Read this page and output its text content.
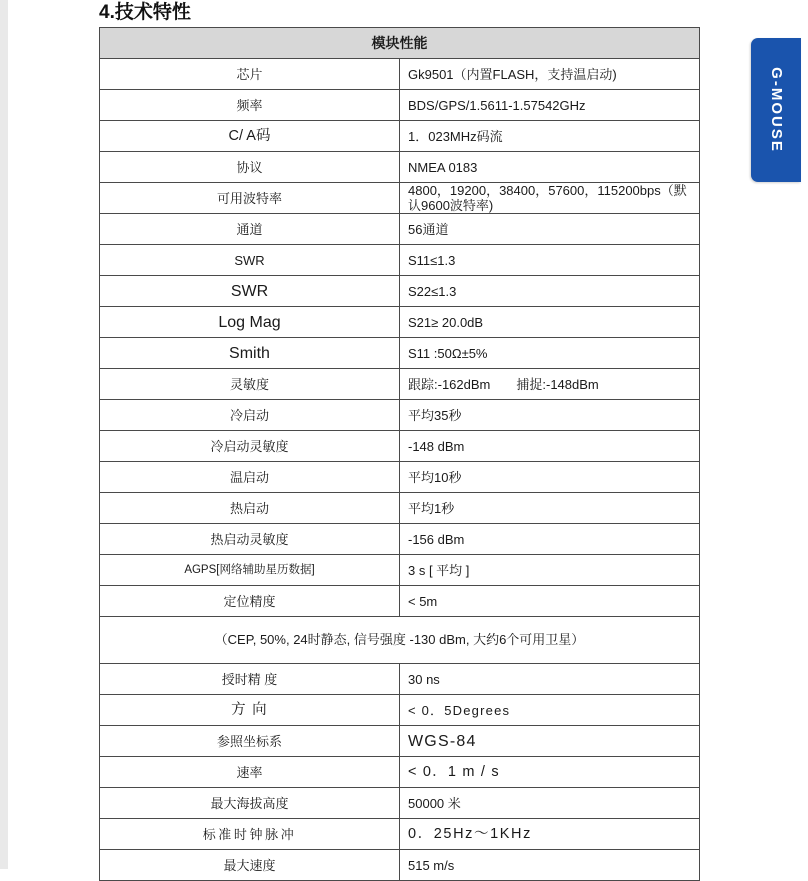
4.技术特性
模块性能	

芯片	Gk9501（内置FLASH，支持温启动)

频率	BDS/GPS/1.5611-1.57542GHz

C/ A码	1．023MHz码流

协议	NMEA 0183

可用波特率	4800，19200，38400，57600，115200bps（默认9600波特率)

通道	56通道

SWR	S11≤1.3

SWR	S22≤1.3

Log Mag	S21≥ 20.0dB

Smith	S11 :50Ω±5%

灵敏度	跟踪:-162dBm 捕捉:-148dBm

冷启动	平均35秒

冷启动灵敏度	-148 dBm

温启动	平均10秒

热启动	平均1秒

热启动灵敏度	-156 dBm

AGPS[网络辅助星历数据]	3 s [ 平均 ]

定位精度	< 5m

（CEP, 50%, 24时静态, 信号强度 -130 dBm, 大约6个可用卫星）	

授时精 度	30 ns

方 向	< 0．5Degrees

参照坐标系	WGS-84

速率	< 0．1 m / s

最大海拔高度	50000 米

标准时钟脉冲	0．25Hz～1KHz

最大速度	515 m/s
G-MOUSE
